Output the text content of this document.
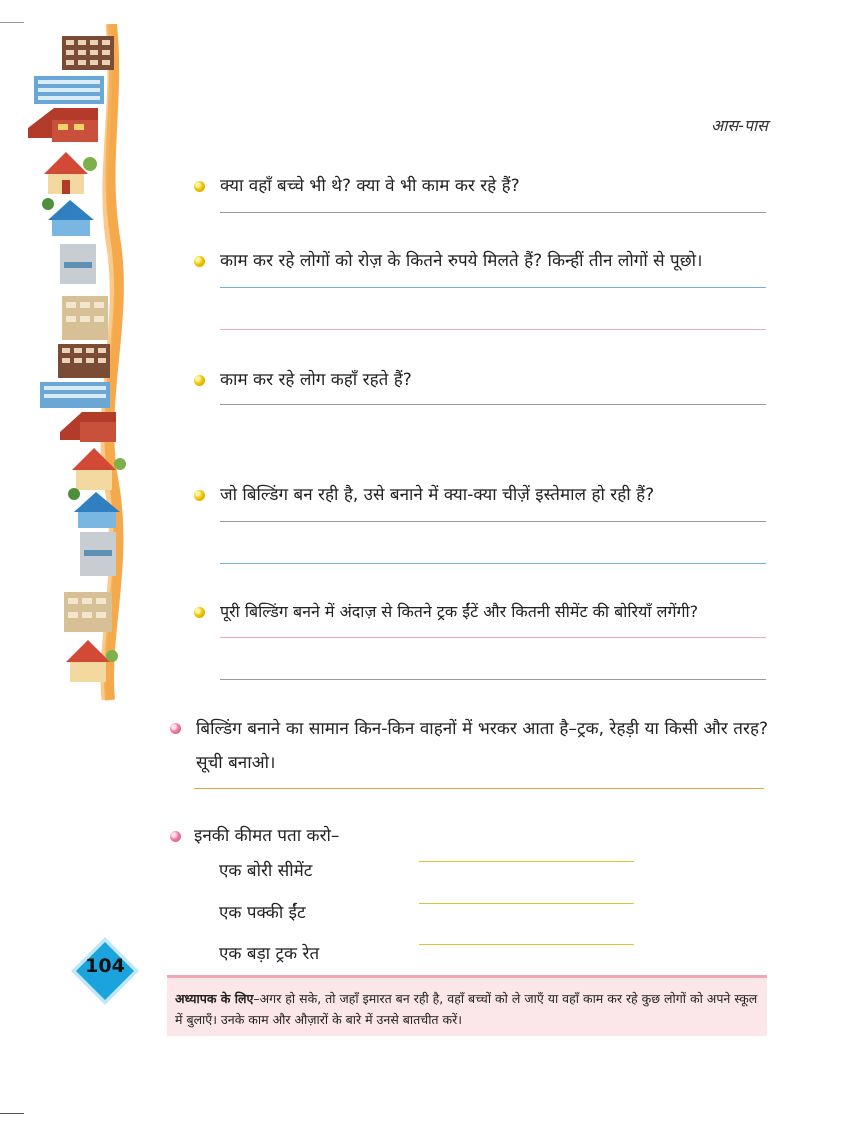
आस-पास
क्या वहाँ बच्चे भी थे? क्या वे भी काम कर रहे हैं?
काम कर रहे लोगों को रोज़ के कितने रुपये मिलते हैं? किन्हीं तीन लोगों से पूछो।
काम कर रहे लोग कहाँ रहते हैं?
जो बिल्डिंग बन रही है, उसे बनाने में क्या-क्या चीज़ें इस्तेमाल हो रही हैं?
पूरी बिल्डिंग बनने में अंदाज़ से कितने ट्रक ईंटें और कितनी सीमेंट की बोरियाँ लगेंगी?
बिल्डिंग बनाने का सामान किन-किन वाहनों में भरकर आता है–ट्रक, रेहड़ी या किसी और तरह? सूची बनाओ।
इनकी कीमत पता करो–
एक बोरी सीमेंट
एक पक्की ईंट
एक बड़ा ट्रक रेत
104
अध्यापक के लिए–अगर हो सके, तो जहाँ इमारत बन रही है, वहाँ बच्चों को ले जाएँ या वहाँ काम कर रहे कुछ लोगों को अपने स्कूल में बुलाएँ। उनके काम और औज़ारों के बारे में उनसे बातचीत करें।
